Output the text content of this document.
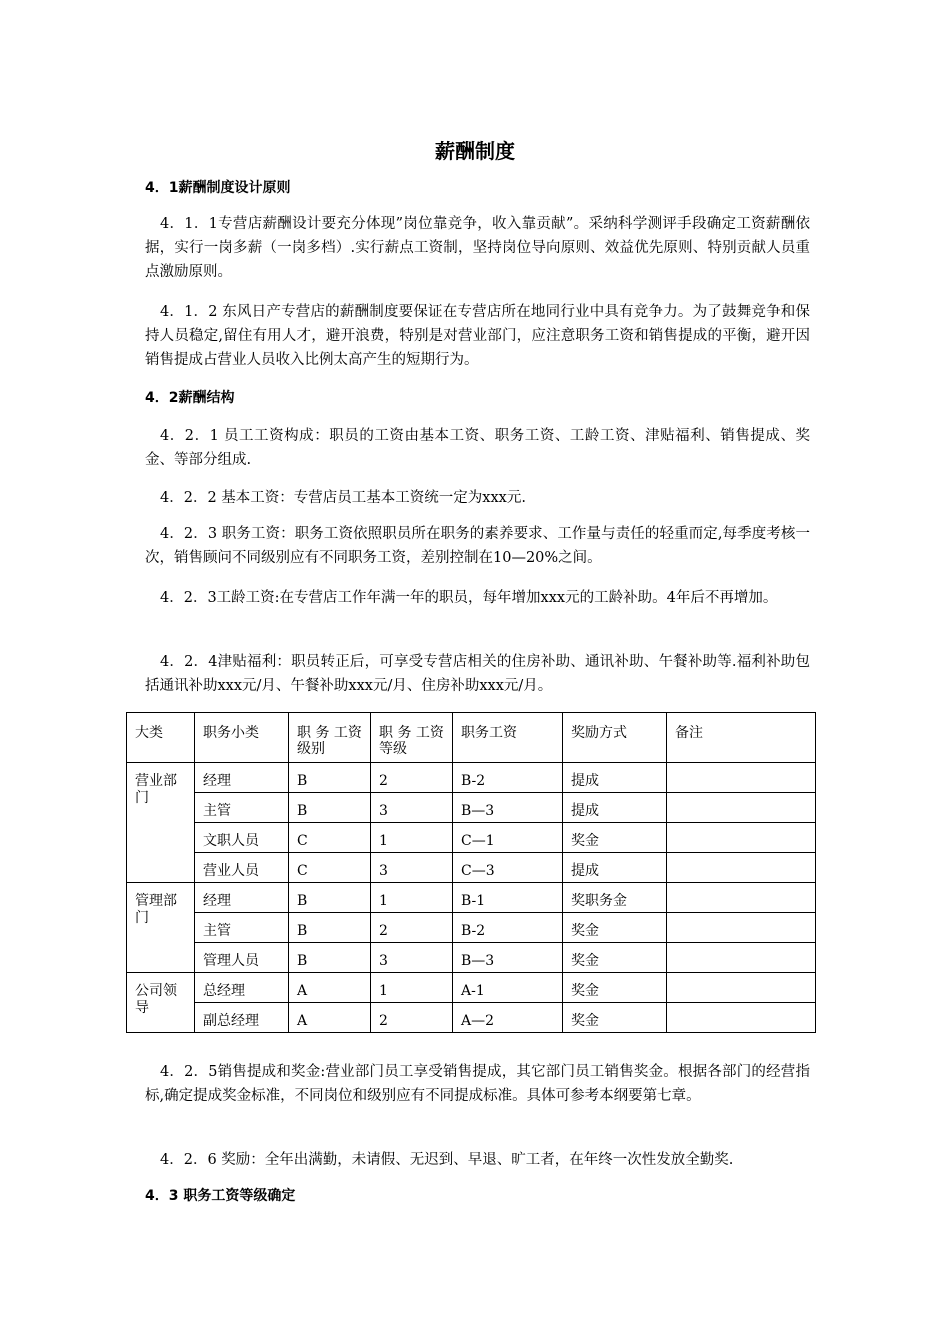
薪酬制度
4．1薪酬制度设计原则
4．1．1专营店薪酬设计要充分体现”岗位靠竞争，收入靠贡献”。采纳科学测评手段确定工资薪酬依据，实行一岗多薪（一岗多档）.实行薪点工资制，坚持岗位导向原则、效益优先原则、特别贡献人员重点激励原则。
4．1．2 东风日产专营店的薪酬制度要保证在专营店所在地同行业中具有竞争力。为了鼓舞竞争和保持人员稳定,留住有用人才，避开浪费，特别是对营业部门，应注意职务工资和销售提成的平衡，避开因销售提成占营业人员收入比例太高产生的短期行为。
4．2薪酬结构
4．2．1 员工工资构成：职员的工资由基本工资、职务工资、工龄工资、津贴福利、销售提成、奖金、等部分组成.
4．2．2 基本工资：专营店员工基本工资统一定为xxx元.
4．2．3 职务工资：职务工资依照职员所在职务的素养要求、工作量与责任的轻重而定,每季度考核一次，销售顾问不同级别应有不同职务工资，差别控制在10—20%之间。
4．2．3工龄工资:在专营店工作年满一年的职员，每年增加xxx元的工龄补助。4年后不再增加。
4．2．4津贴福利：职员转正后，可享受专营店相关的住房补助、通讯补助、午餐补助等.福利补助包括通讯补助xxx元/月、午餐补助xxx元/月、住房补助xxx元/月。
大类	职务小类	职 务 工资级别	职 务 工资等级	职务工资	奖励方式	备注
营业部门	经理	B	2	B-2	提成	
	主管	B	3	B—3	提成	
	文职人员	C	1	C—1	奖金	
	营业人员	C	3	C—3	提成	
管理部门	经理	B	1	B-1	奖职务金	
	主管	B	2	B-2	奖金	
	管理人员	B	3	B—3	奖金	
公司领导	总经理	A	1	A-1	奖金	
	副总经理	A	2	A—2	奖金	
4．2．5销售提成和奖金:营业部门员工享受销售提成，其它部门员工销售奖金。根据各部门的经营指标,确定提成奖金标准，不同岗位和级别应有不同提成标准。具体可参考本纲要第七章。
4．2．6 奖励：全年出满勤，未请假、无迟到、早退、旷工者，在年终一次性发放全勤奖.
4．3 职务工资等级确定
